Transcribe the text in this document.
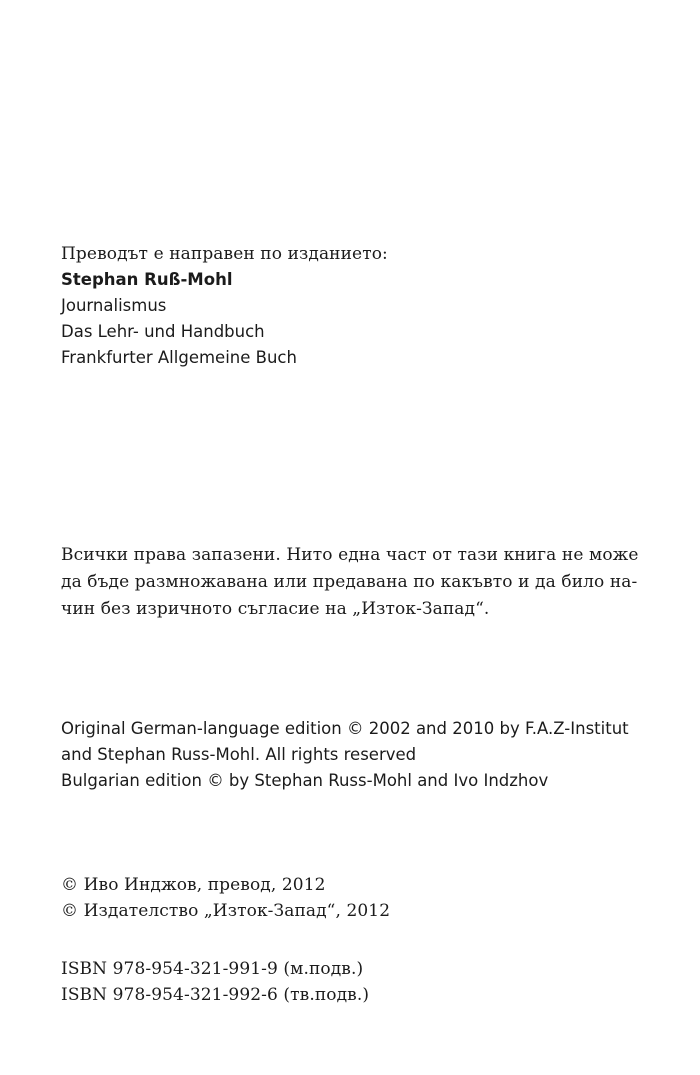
Преводът е направен по изданието:
Stephan Ruß-Mohl
Journalismus
Das Lehr- und Handbuch
Frankfurter Allgemeine Buch
Всички права запазени. Нито една част от тази книга не може
да бъде размножавана или предавана по какъвто и да било на-
чин без изричното съгласие на „Изток-Запад“.
Original German-language edition © 2002 and 2010 by F.A.Z-Institut
and Stephan Russ-Mohl. All rights reserved
Bulgarian edition © by Stephan Russ-Mohl and Ivo Indzhov
© Иво Инджов, превод, 2012
© Издателство „Изток-Запад“, 2012
ISBN 978-954-321-991-9 (м.подв.)
ISBN 978-954-321-992-6 (тв.подв.)
